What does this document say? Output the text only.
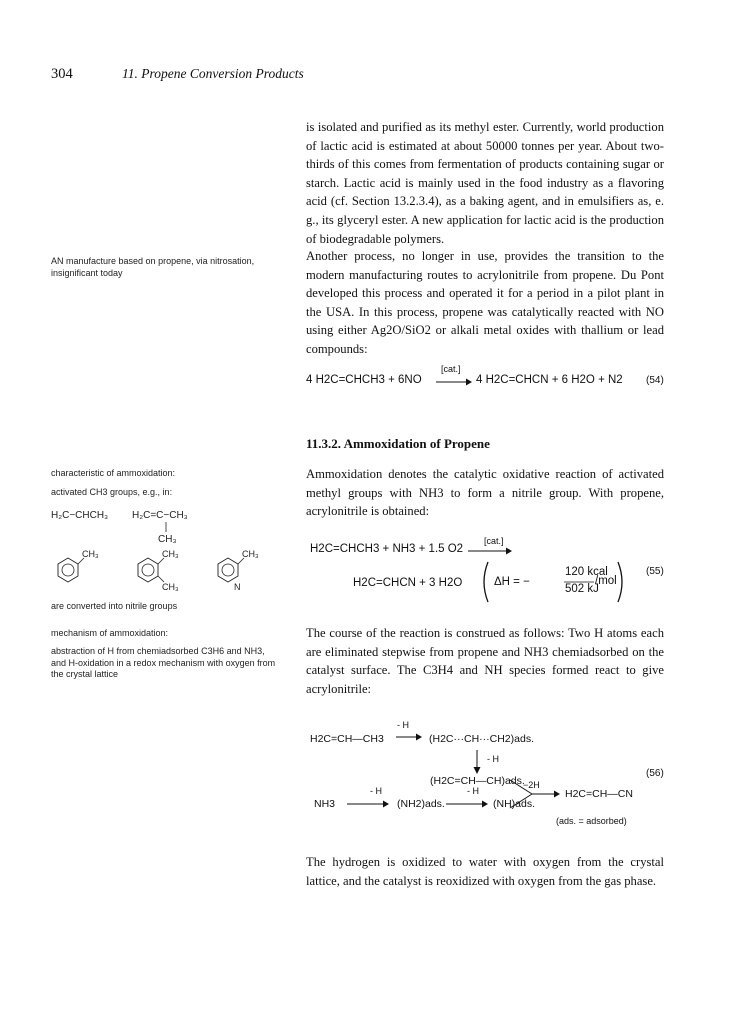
304	11. Propene Conversion Products
is isolated and purified as its methyl ester. Currently, world production of lactic acid is estimated at about 50000 tonnes per year. About two-thirds of this comes from fermentation of products containing sugar or starch. Lactic acid is mainly used in the food industry as a flavoring acid (cf. Section 13.2.3.4), as a baking agent, and in emulsifiers as, e. g., its glyceryl ester. A new application for lactic acid is the production of biodegradable polymers.
AN manufacture based on propene, via nitrosation, insignificant today
Another process, no longer in use, provides the transition to the modern manufacturing routes to acrylonitrile from propene. Du Pont developed this process and operated it for a period in a pilot plant in the USA. In this process, propene was catalytically reacted with NO using either Ag2O/SiO2 or alkali metal oxides with thallium or lead compounds:
4 H2C=CHCH3 + 6NO
[cat.]
4 H2C=CHCN + 6 H2O + N2 (54)
11.3.2. Ammoxidation of Propene
characteristic of ammoxidation:
activated CH3 groups, e.g., in:
H₂C−CHCH₃ H₂C=C−CH₃
CH₃
CH₃	CH₃
CH₃
CH₃
N
are converted into nitrile groups
Ammoxidation denotes the catalytic oxidative reaction of activated methyl groups with NH3 to form a nitrile group. With propene, acrylonitrile is obtained:
H2C=CHCH3 + NH3 + 1.5 O2
[cat.]
H2C=CHCN + 3 H2O	ΔH = −
120 kcal
502 kJ
/mol
(55)
mechanism of ammoxidation:
abstraction of H from chemiadsorbed C3H6 and NH3, and H-oxidation in a redox mechanism with oxygen from the crystal lattice
The course of the reaction is construed as follows: Two H atoms each are eliminated stepwise from propene and NH3 chemiadsorbed on the catalyst surface. The C3H4 and NH species formed react to give acrylonitrile:
H2C=CH—CH3
- H
(H2C···CH···CH2)ads.
- H
(H2C=CH—CH)ads.
−2H
H2C=CH—CN
(56)
NH3
- H
(NH2)ads.
- H
(NH)ads.
(ads. = adsorbed)
The hydrogen is oxidized to water with oxygen from the crystal lattice, and the catalyst is reoxidized with oxygen from the gas phase.
